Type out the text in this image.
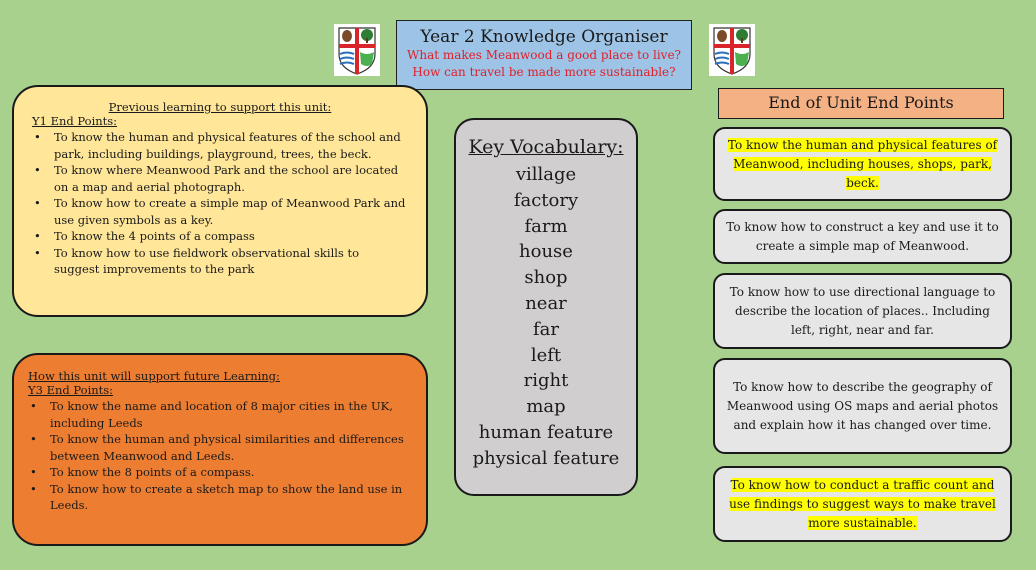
Year 2 Knowledge Organiser
What makes Meanwood a good place to live?
How can travel be made more sustainable?
Previous learning to support this unit:
Y1 End Points:
• To know the human and physical features of the school and park, including buildings, playground, trees, the beck.
• To know where Meanwood Park and the school are located on a map and aerial photograph.
• To know how to create a simple map of Meanwood Park and use given symbols as a key.
• To know the 4 points of a compass
• To know how to use fieldwork observational skills to suggest improvements to the park
How this unit will support future Learning:
Y3 End Points:
• To know the name and location of 8 major cities in the UK, including Leeds
• To know the human and physical similarities and differences between Meanwood and Leeds.
• To know the 8 points of a compass.
• To know how to create a sketch map to show the land use in Leeds.
Key Vocabulary:
village
factory
farm
house
shop
near
far
left
right
map
human feature
physical feature
End of Unit End Points
To know the human and physical features of Meanwood, including houses, shops, park, beck.
To know how to construct a key and use it to create a simple map of Meanwood.
To know how to use directional language to describe the location of places.. Including left, right, near and far.
To know how to describe the geography of Meanwood using OS maps and aerial photos and explain how it has changed over time.
To know how to conduct a traffic count and use findings to suggest ways to make travel more sustainable.
